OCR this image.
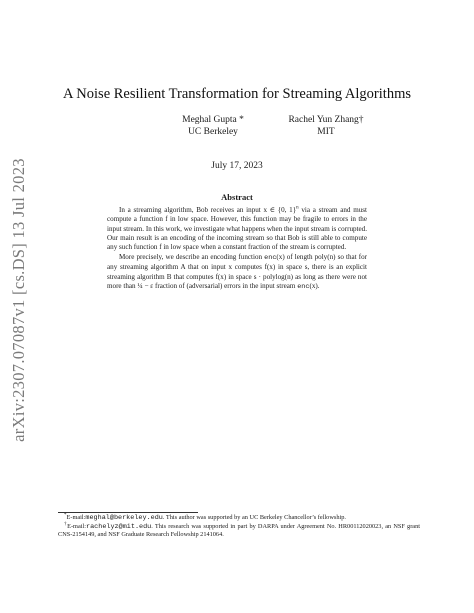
arXiv:2307.07087v1 [cs.DS] 13 Jul 2023
A Noise Resilient Transformation for Streaming Algorithms
Meghal Gupta *
UC Berkeley
Rachel Yun Zhang†
MIT
July 17, 2023
Abstract

In a streaming algorithm, Bob receives an input x ∈ {0, 1}$^n$ via a stream and must compute a function f in low space. However, this function may be fragile to errors in the input stream. In this work, we investigate what happens when the input stream is corrupted. Our main result is an encoding of the incoming stream so that Bob is still able to compute any such function f in low space when a constant fraction of the stream is corrupted.

More precisely, we describe an encoding function enc(x) of length poly(n) so that for any streaming algorithm A that on input x computes f(x) in space s, there is an explicit streaming algorithm B that computes f(x) in space s · polylog(n) as long as there were not more than ¼ − ε fraction of (adversarial) errors in the input stream enc(x).

*E-mail:meghal@berkeley.edu. This author was supported by an UC Berkeley Chancellor’s fellowship.

†E-mail:rachelyz@mit.edu. This research was supported in part by DARPA under Agreement No. HR00112020023, an NSF grant CNS-2154149, and NSF Graduate Research Fellowship 2141064.
